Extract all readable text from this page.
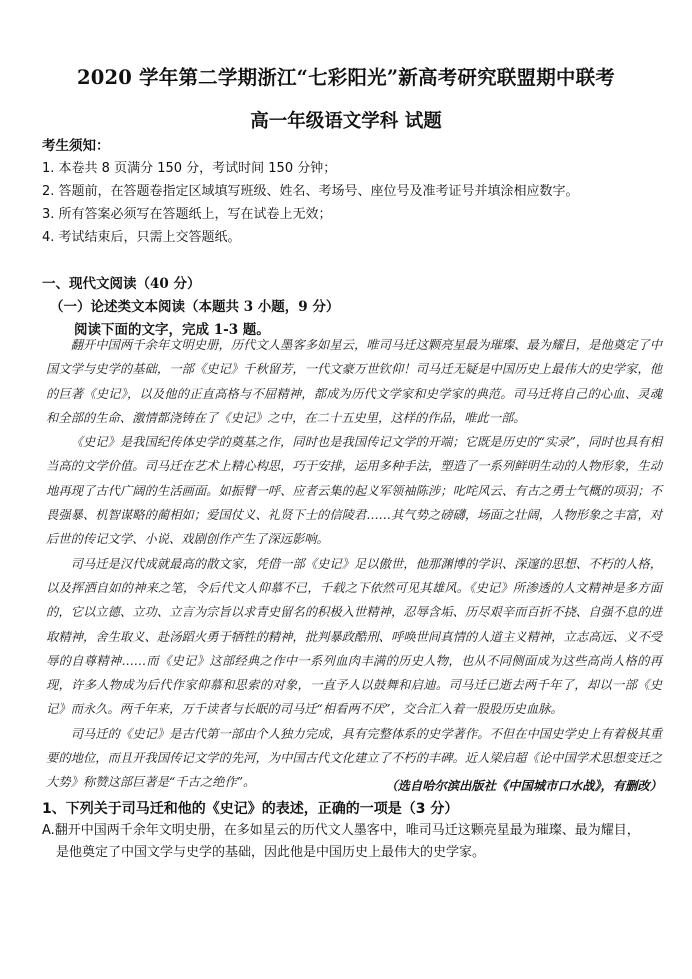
2020 学年第二学期浙江“七彩阳光”新高考研究联盟期中联考
高一年级语文学科 试题
考生须知：
1. 本卷共 8 页满分 150 分，考试时间 150 分钟；
2. 答题前，在答题卷指定区域填写班级、姓名、考场号、座位号及准考证号并填涂相应数字。
3. 所有答案必须写在答题纸上，写在试卷上无效；
4. 考试结束后，只需上交答题纸。
一、现代文阅读（40 分）
（一）论述类文本阅读（本题共 3 小题，9 分）
阅读下面的文字，完成 1-3 题。

翻开中国两千余年文明史册，历代文人墨客多如星云，唯司马迁这颗亮星最为璀璨、最为耀目，是他奠定了中国文学与史学的基础，一部《史记》千秋留芳，一代文豪万世钦仰！司马迁无疑是中国历史上最伟大的史学家，他的巨著《史记》，以及他的正直高格与不屈精神，都成为历代文学家和史学家的典范。司马迁将自己的心血、灵魂和全部的生命、激情都浇铸在了《史记》之中，在二十五史里，这样的作品，唯此一部。

《史记》是我国纪传体史学的奠基之作，同时也是我国传记文学的开端；它既是历史的“实录”，同时也具有相当高的文学价值。司马迁在艺术上精心构思，巧于安排，运用多种手法，塑造了一系列鲜明生动的人物形象，生动地再现了古代广阔的生活画面。如振臂一呼、应者云集的起义军领袖陈涉；叱咤风云、有古之勇士气概的项羽；不畏强暴、机智谋略的蔺相如；爱国仗义、礼贤下士的信陵君……其气势之磅礴，场面之壮阔，人物形象之丰富，对后世的传记文学、小说、戏剧创作产生了深远影响。

司马迁是汉代成就最高的散文家，凭借一部《史记》足以傲世，他那渊博的学识、深邃的思想、不朽的人格，以及挥洒自如的神来之笔，令后代文人仰慕不已，千载之下依然可见其雄风。《史记》所渗透的人文精神是多方面的，它以立德、立功、立言为宗旨以求青史留名的积极入世精神，忍辱含垢、历尽艰辛而百折不挠、自强不息的进取精神，舍生取义、赴汤蹈火勇于牺牲的精神，批判暴政酷刑、呼唤世间真情的人道主义精神，立志高远、义不受辱的自尊精神……而《史记》这部经典之作中一系列血肉丰满的历史人物，也从不同侧面成为这些高尚人格的再现，许多人物成为后代作家仰慕和思索的对象，一直予人以鼓舞和启迪。司马迁已逝去两千年了，却以一部《史记》而永久。两千年来，万千读者与长眠的司马迁“相看两不厌”，交合汇入着一股股历史血脉。

司马迁的《史记》是古代第一部由个人独力完成，具有完整体系的史学著作。不但在中国史学史上有着极其重要的地位，而且开我国传记文学的先河，为中国古代文化建立了不朽的丰碑。近人梁启超《论中国学术思想变迁之大势》称赞这部巨著是“千古之绝作”。	（选自哈尔滨出版社《中国城市口水战》，有删改）
1、下列关于司马迁和他的《史记》的表述，正确的一项是（3 分）
A.翻开中国两千余年文明史册，在多如星云的历代文人墨客中，唯司马迁这颗亮星最为璀璨、最为耀目，
是他奠定了中国文学与史学的基础，因此他是中国历史上最伟大的史学家。
